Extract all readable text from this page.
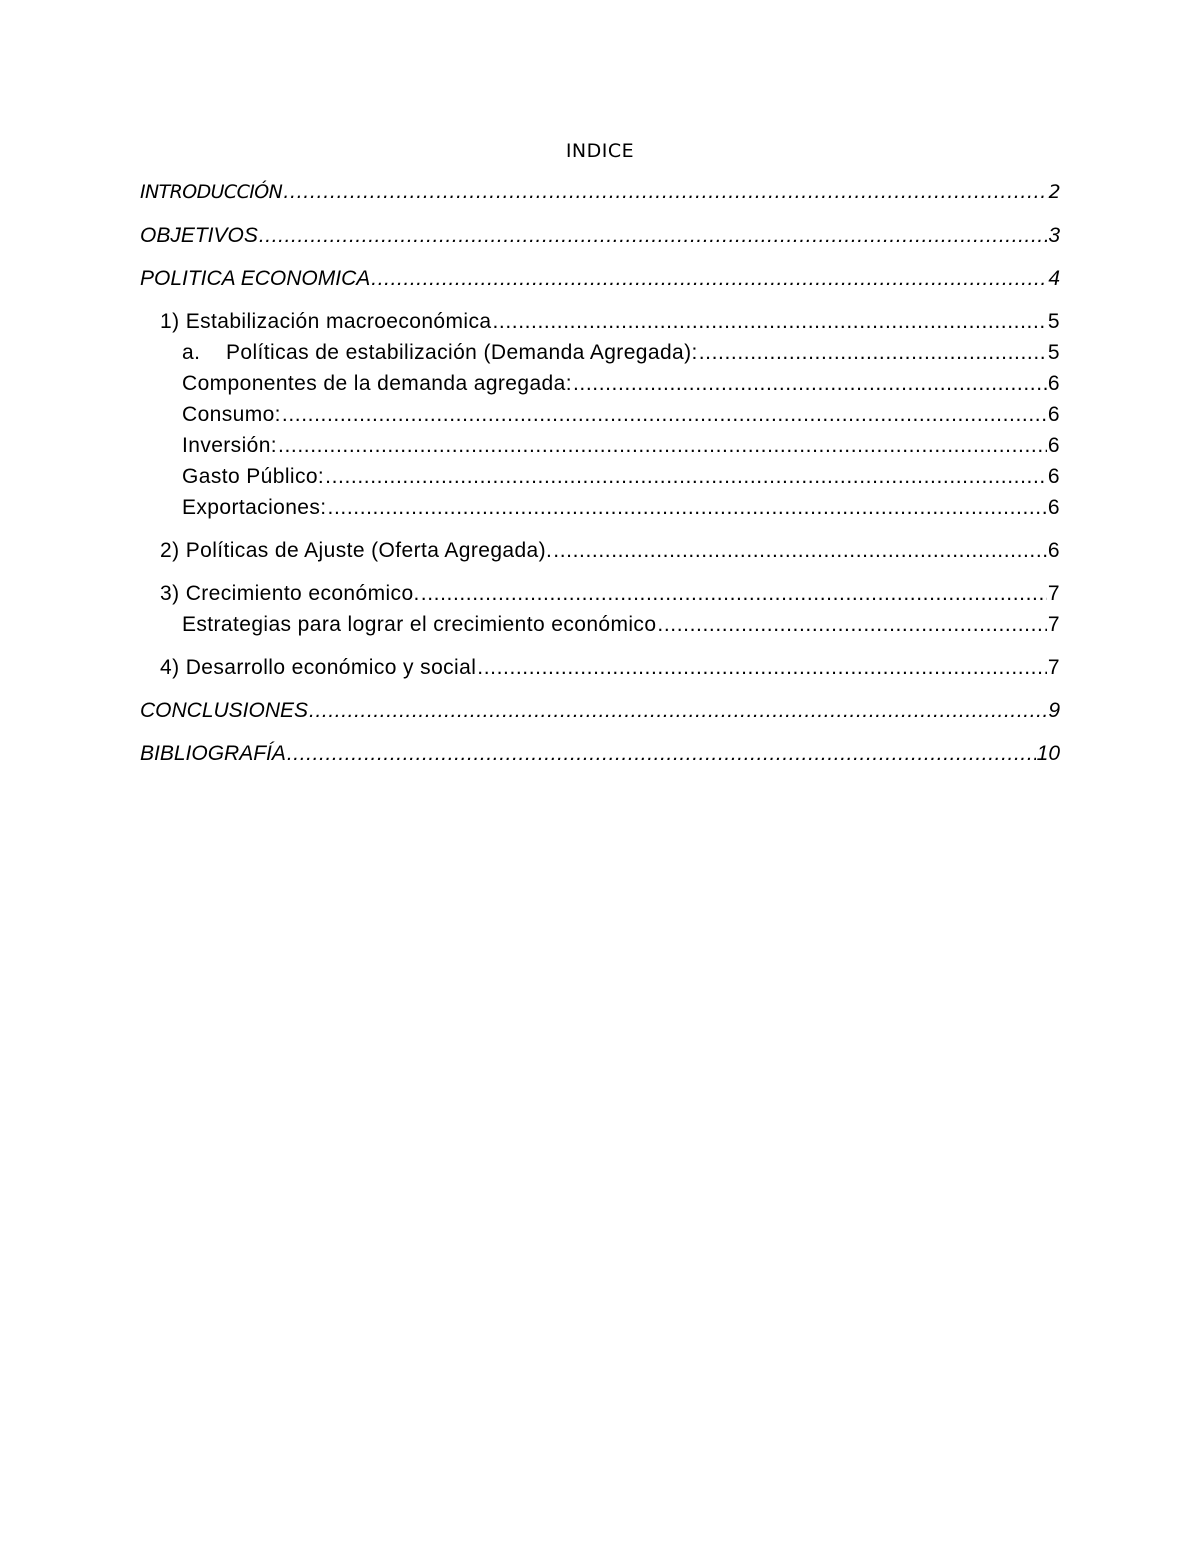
INDICE
INTRODUCCIÓN .....	2
OBJETIVOS .....	3
POLITICA ECONOMICA .....	4
1) Estabilización macroeconómica .....	5
a. Políticas de estabilización (Demanda Agregada): .....	5
Componentes de la demanda agregada: .....	6
Consumo: .....	6
Inversión: .....	6
Gasto Público: .....	6
Exportaciones: .....	6
2) Políticas de Ajuste (Oferta Agregada). .....	6
3) Crecimiento económico. .....	7
Estrategias para lograr el crecimiento económico .....	7
4) Desarrollo económico y social .....	7
CONCLUSIONES .....	9
BIBLIOGRAFÍA .....	10
